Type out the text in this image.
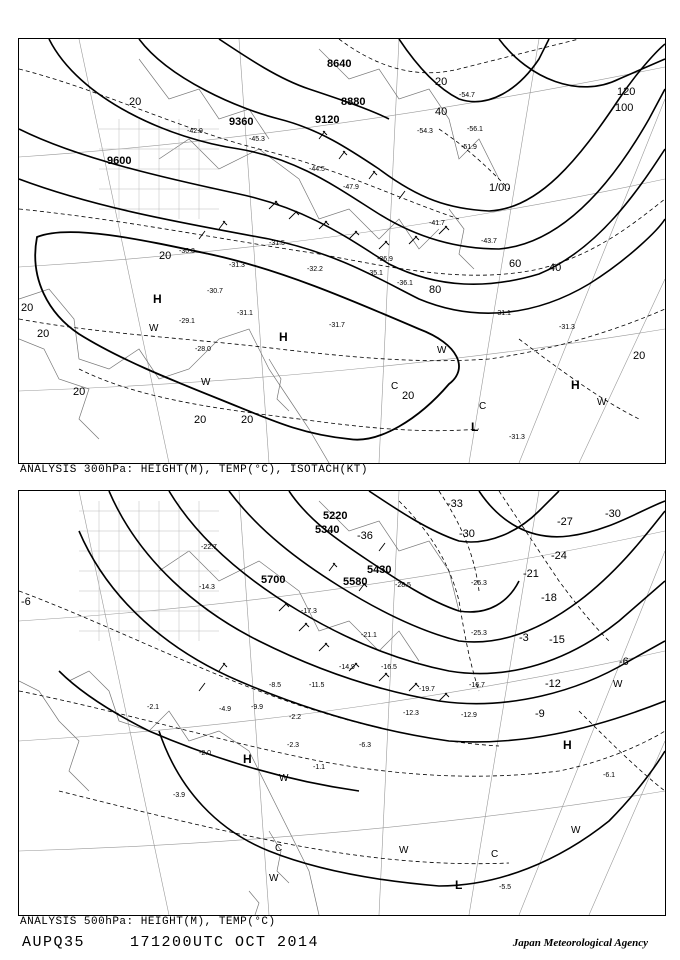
9360	9120
9600
8640
8880
20
20
20
20
20
20	20
20
20
20
40
40
60
80
100
120
1/00
-31.5
-31.1
-31.3
-29.1
-28.0
-30.7
-31.7
-35.1
-36.9
-43.7
-45.3
-47.9
-54.3	-56.1
-51.9
-54.7
-42.9
-30.3
-31.1
-31.3
-31.3
-32.2
-36.1
-41.7
-44.5
H
H
H
L
W
W
W
W
C
C
ANALYSIS 300hPa: HEIGHT(M), TEMP(°C), ISOTACH(KT)
5700	5580
5340
5220
5430
-33
-30
-30
-27
-24
-21
-18
-15
-12
-9
-6
-6
-3
-36
-9.9
-8.5	-11.5
-14.9	-16.5
-19.7
-21.1	-25.3
-26.3
-28.5
-16.7
-12.9
-6.3
-3.9
-2.3
-1.1
-6.1
-5.5
-4.9
-14.3
-17.3
-22.7
-12.3
-2.1
-2.0
-2.2
H
H
L
W
W
W
W
W
C
C
ANALYSIS 500hPa: HEIGHT(M), TEMP(°C)
AUPQ35	171200UTC OCT 2014	Japan Meteorological Agency
